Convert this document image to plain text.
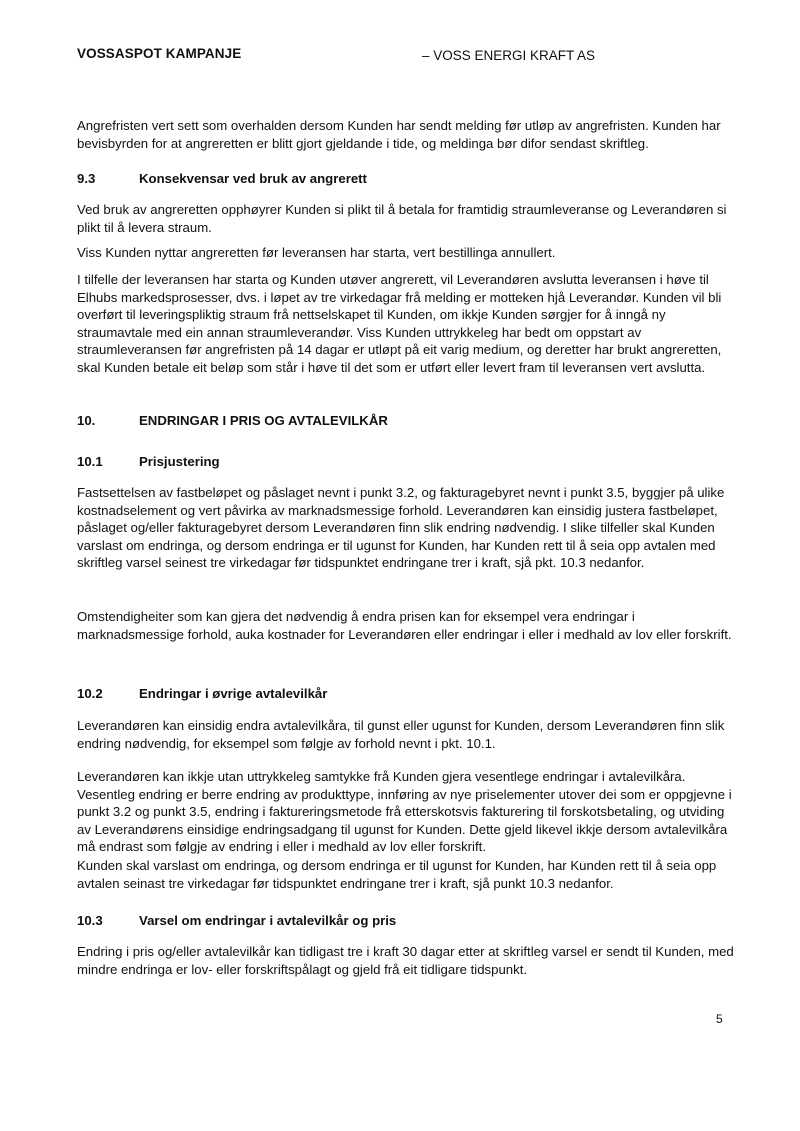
VOSSASPOT KAMPANJE	– VOSS ENERGI KRAFT AS

Angrefristen vert sett som overhalden dersom Kunden har sendt melding før utløp av angrefristen. Kunden har bevisbyrden for at angreretten er blitt gjort gjeldande i tide, og meldinga bør difor sendast skriftleg.

9.3	Konsekvensar ved bruk av angrerett

Ved bruk av angreretten opphøyrer Kunden si plikt til å betala for framtidig straumleveranse og Leverandøren si plikt til å levera straum.

Viss Kunden nyttar angreretten før leveransen har starta, vert bestillinga annullert.

I tilfelle der leveransen har starta og Kunden utøver angrerett, vil Leverandøren avslutta leveransen i høve til Elhubs markedsprosesser, dvs. i løpet av tre virkedagar frå melding er motteken hjå Leverandør. Kunden vil bli overført til leveringspliktig straum frå nettselskapet til Kunden, om ikkje Kunden sørgjer for å inngå ny straumavtale med ein annan straumleverandør. Viss Kunden uttrykkeleg har bedt om oppstart av straumleveransen før angrefristen på 14 dagar er utløpt på eit varig medium, og deretter har brukt angreretten, skal Kunden betale eit beløp som står i høve til det som er utført eller levert fram til leveransen vert avslutta.

10.	ENDRINGAR I PRIS OG AVTALEVILKÅR
10.1	Prisjustering

Fastsettelsen av fastbeløpet og påslaget nevnt i punkt 3.2, og fakturagebyret nevnt i punkt 3.5, byggjer på ulike kostnadselement og vert påvirka av marknadsmessige forhold. Leverandøren kan einsidig justera fastbeløpet, påslaget og/eller fakturagebyret dersom Leverandøren finn slik endring nødvendig. I slike tilfeller skal Kunden varslast om endringa, og dersom endringa er til ugunst for Kunden, har Kunden rett til å seia opp avtalen med skriftleg varsel seinest tre virkedagar før tidspunktet endringane trer i kraft, sjå pkt. 10.3 nedanfor.

Omstendigheiter som kan gjera det nødvendig å endra prisen kan for eksempel vera endringar i marknadsmessige forhold, auka kostnader for Leverandøren eller endringar i eller i medhald av lov eller forskrift.

10.2	Endringar i øvrige avtalevilkår

Leverandøren kan einsidig endra avtalevilkåra, til gunst eller ugunst for Kunden, dersom Leverandøren finn slik endring nødvendig, for eksempel som følgje av forhold nevnt i pkt. 10.1.

Leverandøren kan ikkje utan uttrykkeleg samtykke frå Kunden gjera vesentlege endringar i avtalevilkåra. Vesentleg endring er berre endring av produkttype, innføring av nye priselementer utover dei som er oppgjevne i punkt 3.2 og punkt 3.5, endring i faktureringsmetode frå etterskotsvis fakturering til forskotsbetaling, og utviding av Leverandørens einsidige endringsadgang til ugunst for Kunden. Dette gjeld likevel ikkje dersom avtalevilkåra må endrast som følgje av endring i eller i medhald av lov eller forskrift.

Kunden skal varslast om endringa, og dersom endringa er til ugunst for Kunden, har Kunden rett til å seia opp avtalen seinast tre virkedagar før tidspunktet endringane trer i kraft, sjå punkt 10.3 nedanfor.

10.3	Varsel om endringar i avtalevilkår og pris

Endring i pris og/eller avtalevilkår kan tidligast tre i kraft 30 dagar etter at skriftleg varsel er sendt til Kunden, med mindre endringa er lov- eller forskriftspålagt og gjeld frå eit tidligare tidspunkt.

5
